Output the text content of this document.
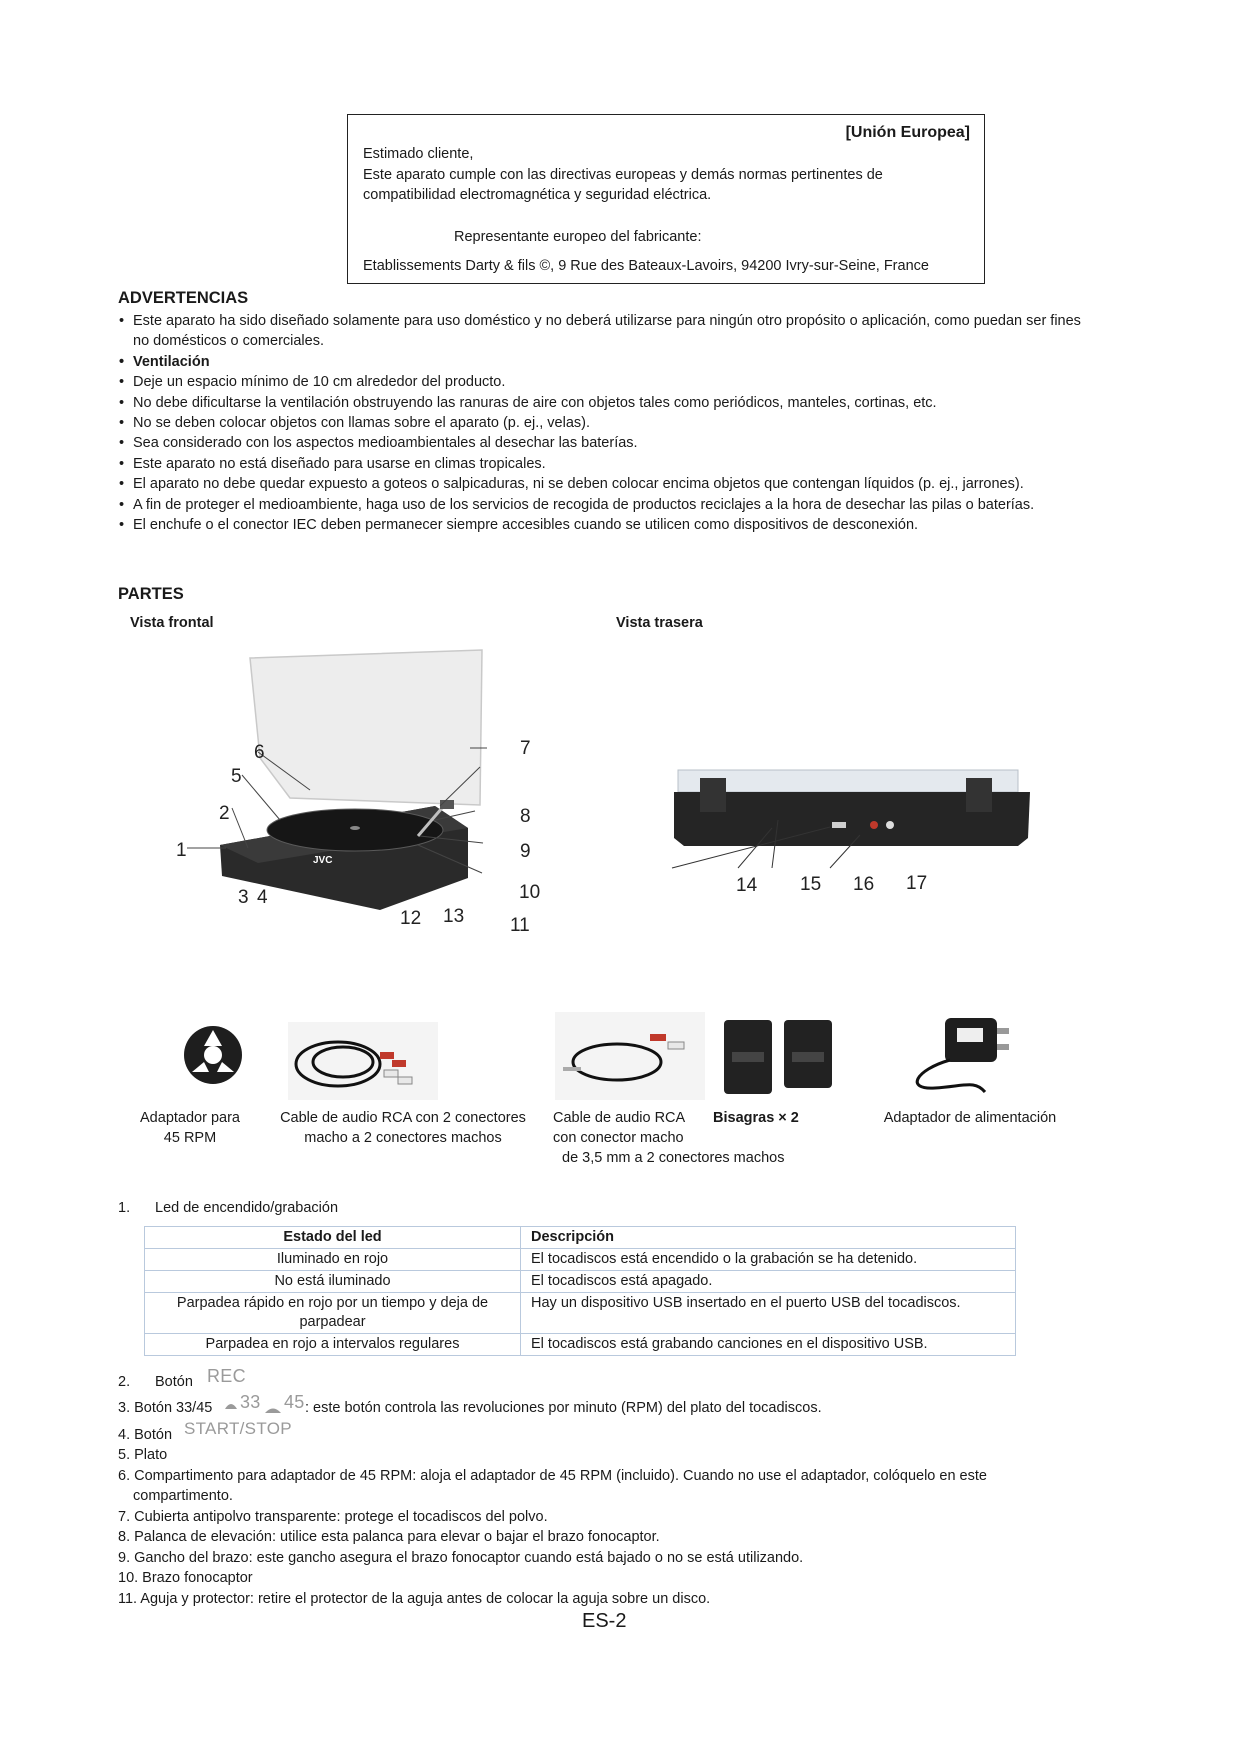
[Unión Europea]
Estimado cliente,
Este aparato cumple con las directivas europeas y demás normas pertinentes de
compatibilidad electromagnética y seguridad eléctrica.
Representante europeo del fabricante:
Etablissements Darty & fils ©, 9 Rue des Bateaux-Lavoirs, 94200 Ivry-sur-Seine, France
ADVERTENCIAS
• Este aparato ha sido diseñado solamente para uso doméstico y no deberá utilizarse para ningún otro propósito o aplicación, como puedan ser fines no domésticos o comerciales.
• Ventilación
• Deje un espacio mínimo de 10 cm alrededor del producto.
• No debe dificultarse la ventilación obstruyendo las ranuras de aire con objetos tales como periódicos, manteles, cortinas, etc.
• No se deben colocar objetos con llamas sobre el aparato (p. ej., velas).
• Sea considerado con los aspectos medioambientales al desechar las baterías.
• Este aparato no está diseñado para usarse en climas tropicales.
• El aparato no debe quedar expuesto a goteos o salpicaduras, ni se deben colocar encima objetos que contengan líquidos (p. ej., jarrones).
• A fin de proteger el medioambiente, haga uso de los servicios de recogida de productos reciclajes a la hora de desechar las pilas o baterías.
• El enchufe o el conector IEC deben permanecer siempre accesibles cuando se utilicen como dispositivos de desconexión.
PARTES
Vista frontal	Vista trasera
JVC
1
2
3 4
5
6	7
8
9
10
11
12 13
14 15 16 17
Adaptador para
45 RPM
Cable de audio RCA con 2 conectores
macho a 2 conectores machos
Cable de audio RCA
con conector macho
de 3,5 mm a 2 conectores machos
Bisagras × 2	Adaptador de alimentación
1. Led de encendido/grabación
Estado del led	Descripción
Iluminado en rojo	El tocadiscos está encendido o la grabación se ha detenido.
No está iluminado	El tocadiscos está apagado.
Parpadea rápido en rojo por un tiempo y deja de parpadear	Hay un dispositivo USB insertado en el puerto USB del tocadiscos.
Parpadea en rojo a intervalos regulares	El tocadiscos está grabando canciones en el dispositivo USB.
2. Botón REC
3. Botón 33/45 33 45 : este botón controla las revoluciones por minuto (RPM) del plato del tocadiscos.
4. Botón START/STOP
5. Plato
6. Compartimento para adaptador de 45 RPM: aloja el adaptador de 45 RPM (incluido). Cuando no use el adaptador, colóquelo en este compartimento.
7. Cubierta antipolvo transparente: protege el tocadiscos del polvo.
8. Palanca de elevación: utilice esta palanca para elevar o bajar el brazo fonocaptor.
9. Gancho del brazo: este gancho asegura el brazo fonocaptor cuando está bajado o no se está utilizando.
10. Brazo fonocaptor
11. Aguja y protector: retire el protector de la aguja antes de colocar la aguja sobre un disco.
ES-2
